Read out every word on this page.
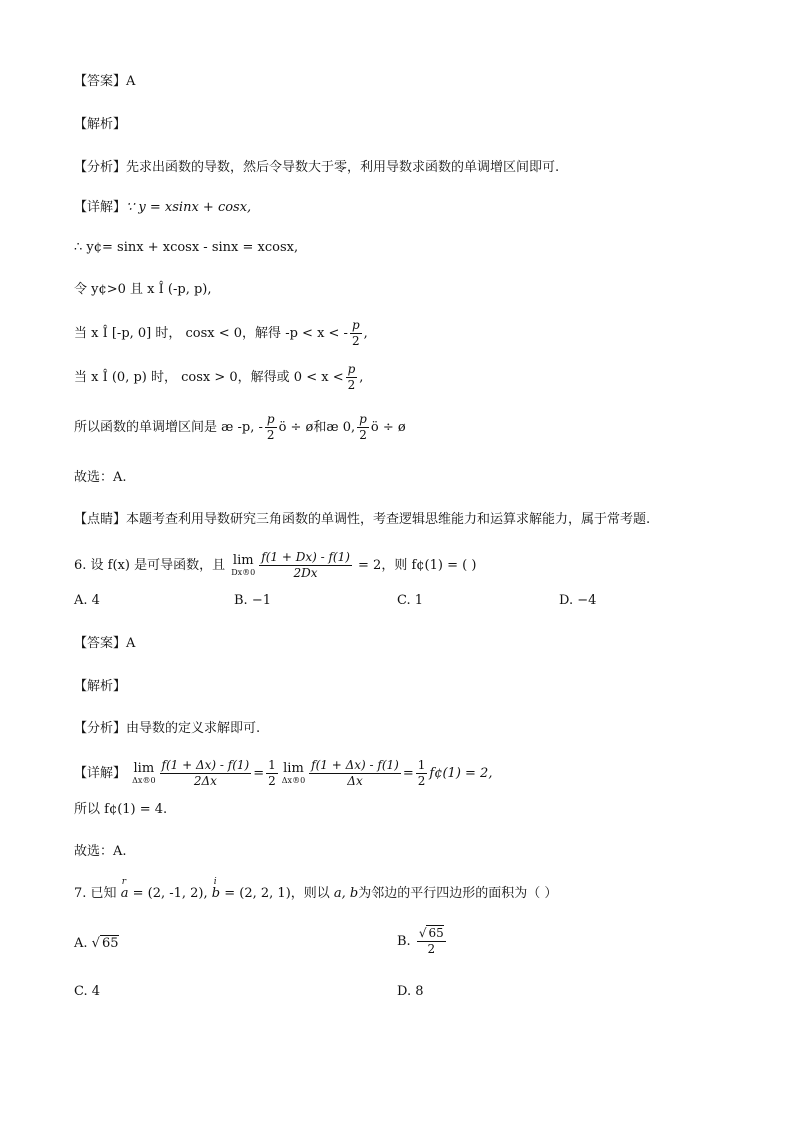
【答案】A
【解析】
【分析】先求出函数的导数，然后令导数大于零，利用导数求函数的单调增区间即可.
【详解】∵ y = xsinx + cosx,
∴ y¢= sinx + xcosx - sinx = xcosx,
令 y¢>0 且 x Î (-p, p),
当 x Î [-p, 0] 时， cosx < 0，解得 -p < x < - $\frac{p}{2}$ ,
当 x Î (0, p) 时， cosx > 0，解得或 $0 < x < \frac{p}{2}$ ,
所以函数的单调增区间是 æ -p, - $\frac{p}{2}$ ö ÷ ø和æ 0, $\frac{p}{2}$ ö ÷ ø
故选：A.
【点睛】本题考查利用导数研究三角函数的单调性，考查逻辑思维能力和运算求解能力，属于常考题.
6. 设 f(x) 是可导函数，且 lim
Dx®0 $\frac{f(1 + Dx) - f(1)}{2Dx} = 2$，则 f¢(1) = ( )
A. 4	B. −1	C. 1	D. −4
【答案】A
【解析】
【分析】由导数的定义求解即可.
【详解】 lim
Δx®0 $\frac{f(1 + \Delta x) - f(1)}{2\Delta x} = \frac{1}{2}$ lim
Δx®0 $\frac{f(1 + \Delta x) - f(1)}{\Delta x} = \frac{1}{2}$ f¢(1) = 2,
所以 f¢(1) = 4.
故选：A.
7. 已知 r a = (2, -1, 2), i b = (2, 2, 1)，则以 a, b为邻边的平行四边形的面积为（ ）
A. √ 65	B. $\frac{√ 65}{2}$
C. 4	D. 8
